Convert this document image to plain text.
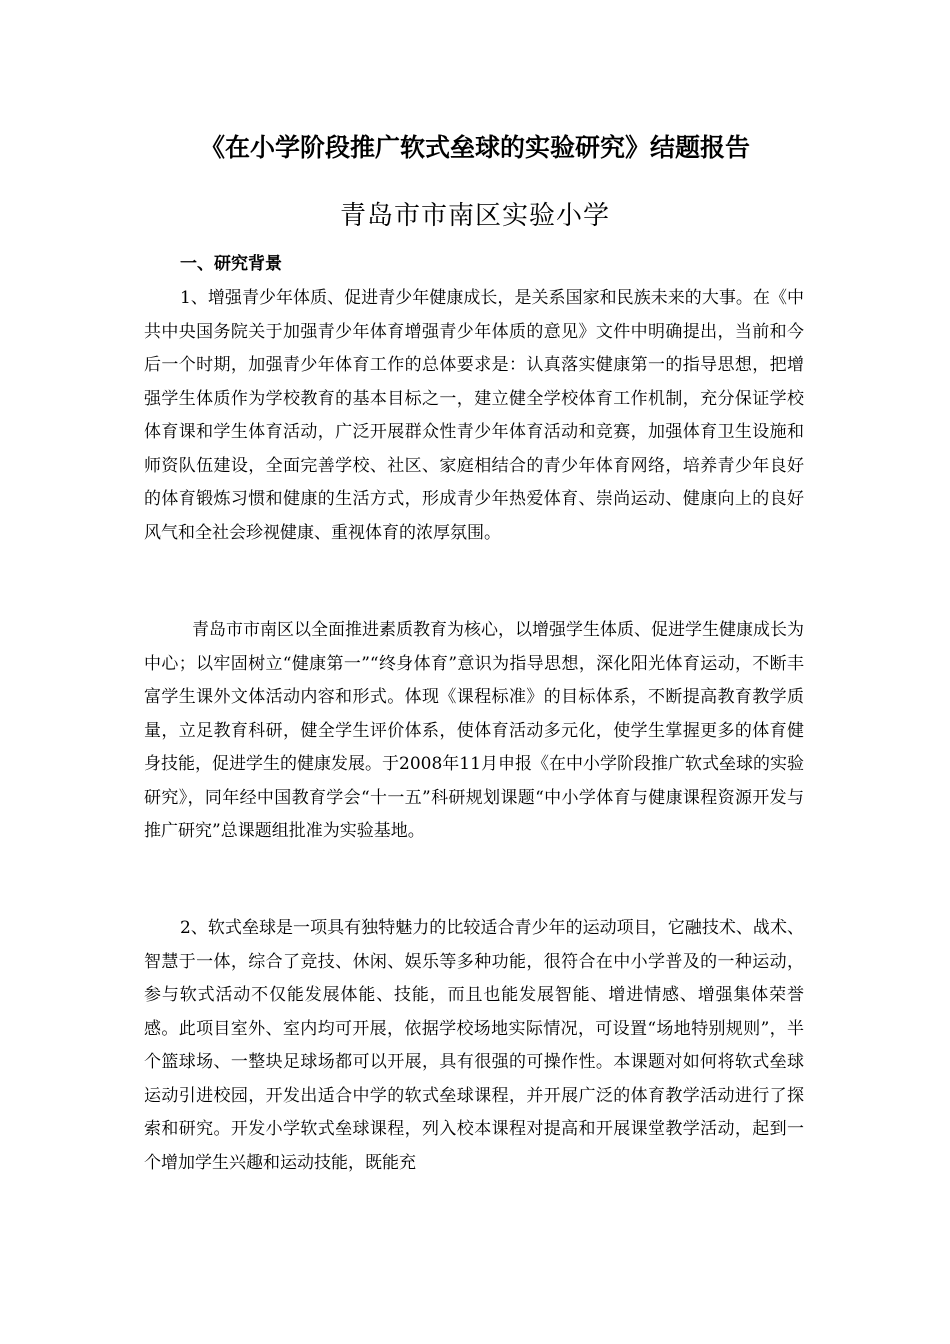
《在小学阶段推广软式垒球的实验研究》结题报告
青岛市市南区实验小学
一、研究背景

1、增强青少年体质、促进青少年健康成长，是关系国家和民族未来的大事。在《中共中央国务院关于加强青少年体育增强青少年体质的意见》文件中明确提出，当前和今后一个时期，加强青少年体育工作的总体要求是：认真落实健康第一的指导思想，把增强学生体质作为学校教育的基本目标之一，建立健全学校体育工作机制，充分保证学校体育课和学生体育活动，广泛开展群众性青少年体育活动和竞赛，加强体育卫生设施和师资队伍建设，全面完善学校、社区、家庭相结合的青少年体育网络，培养青少年良好的体育锻炼习惯和健康的生活方式，形成青少年热爱体育、崇尚运动、健康向上的良好风气和全社会珍视健康、重视体育的浓厚氛围。

青岛市市南区以全面推进素质教育为核心，以增强学生体质、促进学生健康成长为中心；以牢固树立“健康第一”“终身体育”意识为指导思想，深化阳光体育运动，不断丰富学生课外文体活动内容和形式。体现《课程标准》的目标体系，不断提高教育教学质量，立足教育科研，健全学生评价体系，使体育活动多元化，使学生掌握更多的体育健身技能，促进学生的健康发展。于2008年11月申报《在中小学阶段推广软式垒球的实验研究》，同年经中国教育学会“十一五”科研规划课题“中小学体育与健康课程资源开发与推广研究”总课题组批准为实验基地。

2、软式垒球是一项具有独特魅力的比较适合青少年的运动项目，它融技术、战术、智慧于一体，综合了竞技、休闲、娱乐等多种功能，很符合在中小学普及的一种运动，参与软式活动不仅能发展体能、技能，而且也能发展智能、增进情感、增强集体荣誉感。此项目室外、室内均可开展，依据学校场地实际情况，可设置“场地特别规则”，半个篮球场、一整块足球场都可以开展，具有很强的可操作性。本课题对如何将软式垒球运动引进校园，开发出适合中学的软式垒球课程，并开展广泛的体育教学活动进行了探索和研究。开发小学软式垒球课程，列入校本课程对提高和开展课堂教学活动，起到一个增加学生兴趣和运动技能，既能充
